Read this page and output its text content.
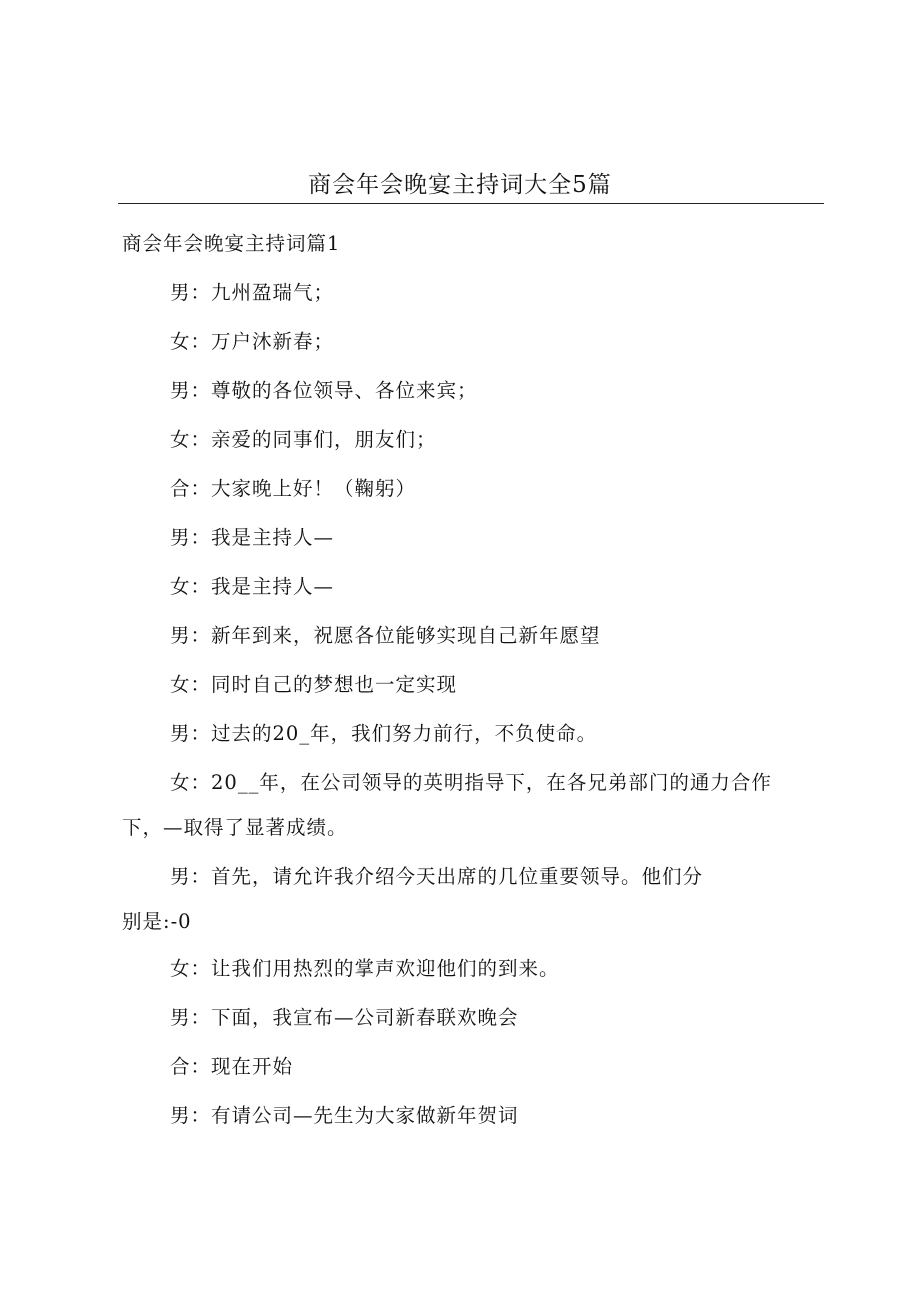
商会年会晚宴主持词大全5篇
商会年会晚宴主持词篇1
男：九州盈瑞气；
女：万户沐新春；
男：尊敬的各位领导、各位来宾；
女：亲爱的同事们，朋友们；
合：大家晚上好！（鞠躬）
男：我是主持人—
女：我是主持人—
男：新年到来，祝愿各位能够实现自己新年愿望
女：同时自己的梦想也一定实现
男：过去的20_年，我们努力前行，不负使命。
女：20__年，在公司领导的英明指导下，在各兄弟部门的通力合作
下，—取得了显著成绩。
男：首先，请允许我介绍今天出席的几位重要领导。他们分
别是:-0
女：让我们用热烈的掌声欢迎他们的到来。
男：下面，我宣布—公司新春联欢晚会
合：现在开始
男：有请公司—先生为大家做新年贺词
